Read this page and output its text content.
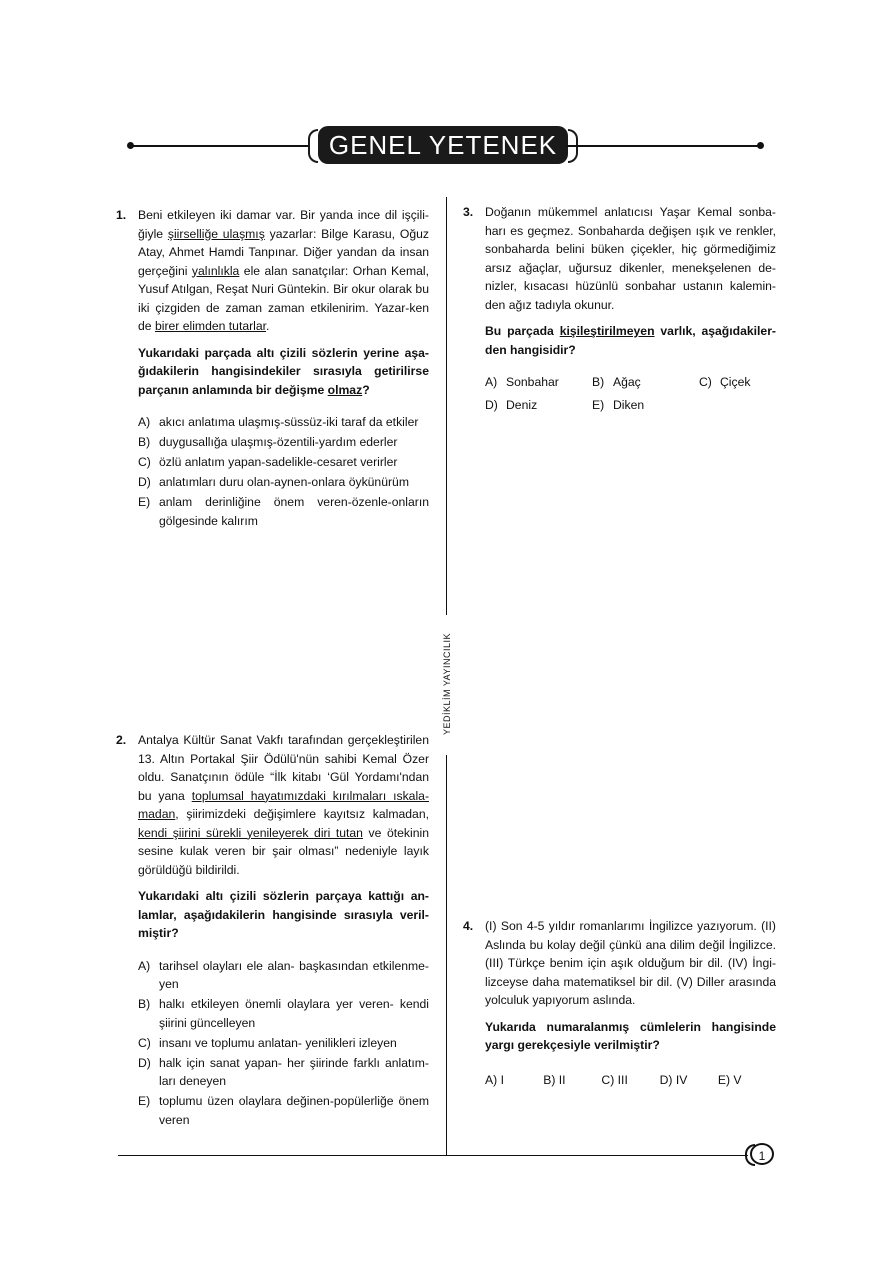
GENEL YETENEK
YEDİKLİM YAYINCILIK
1. Beni etkileyen iki damar var. Bir yanda ince dil işçili-ğiyle şiirselliğe ulaşmış yazarlar: Bilge Karasu, Oğuz Atay, Ahmet Hamdi Tanpınar. Diğer yandan da insan gerçeğini yalınlıkla ele alan sanatçılar: Orhan Kemal, Yusuf Atılgan, Reşat Nuri Güntekin. Bir okur olarak bu iki çizgiden de zaman zaman etkilenirim. Yazar-ken de birer elimden tutarlar.

Yukarıdaki parçada altı çizili sözlerin yerine aşa-ğıdakilerin hangisindekiler sırasıyla getirilirse parçanın anlamında bir değişme olmaz?

A) akıcı anlatıma ulaşmış-süssüz-iki taraf da etkiler
B) duygusallığa ulaşmış-özentili-yardım ederler
C) özlü anlatım yapan-sadelikle-cesaret verirler
D) anlatımları duru olan-aynen-onlara öykünürüm
E) anlam derinliğine önem veren-özenle-onların gölgesinde kalırım
2. Antalya Kültür Sanat Vakfı tarafından gerçekleştirilen 13. Altın Portakal Şiir Ödülü'nün sahibi Kemal Özer oldu. Sanatçının ödüle “İlk kitabı ‘Gül Yordamı'ndan bu yana toplumsal hayatımızdaki kırılmaları ıskala-madan, şiirimizdeki değişimlere kayıtsız kalmadan, kendi şiirini sürekli yenileyerek diri tutan ve ötekinin sesine kulak veren bir şair olması” nedeniyle layık görüldüğü bildirildi.

Yukarıdaki altı çizili sözlerin parçaya kattığı an-lamlar, aşağıdakilerin hangisinde sırasıyla veril-miştir?

A) tarihsel olayları ele alan- başkasından etkilenme-yen
B) halkı etkileyen önemli olaylara yer veren- kendi şiirini güncelleyen
C) insanı ve toplumu anlatan- yenilikleri izleyen
D) halk için sanat yapan- her şiirinde farklı anlatım-ları deneyen
E) toplumu üzen olaylara değinen-popülerliğe önem veren
3. Doğanın mükemmel anlatıcısı Yaşar Kemal sonba-harı es geçmez. Sonbaharda değişen ışık ve renkler, sonbaharda belini büken çiçekler, hiç görmediğimiz arsız ağaçlar, uğursuz dikenler, menekşelenen de-nizler, kısacası hüzünlü sonbahar ustanın kalemin-den ağız tadıyla okunur.

Bu parçada kişileştirilmeyen varlık, aşağıdakiler-den hangisidir?

A) Sonbahar	B) Ağaç	C) Çiçek
D) Deniz	E) Diken
4. (I) Son 4-5 yıldır romanlarımı İngilizce yazıyorum. (II) Aslında bu kolay değil çünkü ana dilim değil İngilizce. (III) Türkçe benim için aşık olduğum bir dil. (IV) İngi-lizceyse daha matematiksel bir dil. (V) Diller arasında yolculuk yapıyorum aslında.

Yukarıda numaralanmış cümlelerin hangisinde yargı gerekçesiyle verilmiştir?

A) I	B) II	C) III	D) IV	E) V
1
